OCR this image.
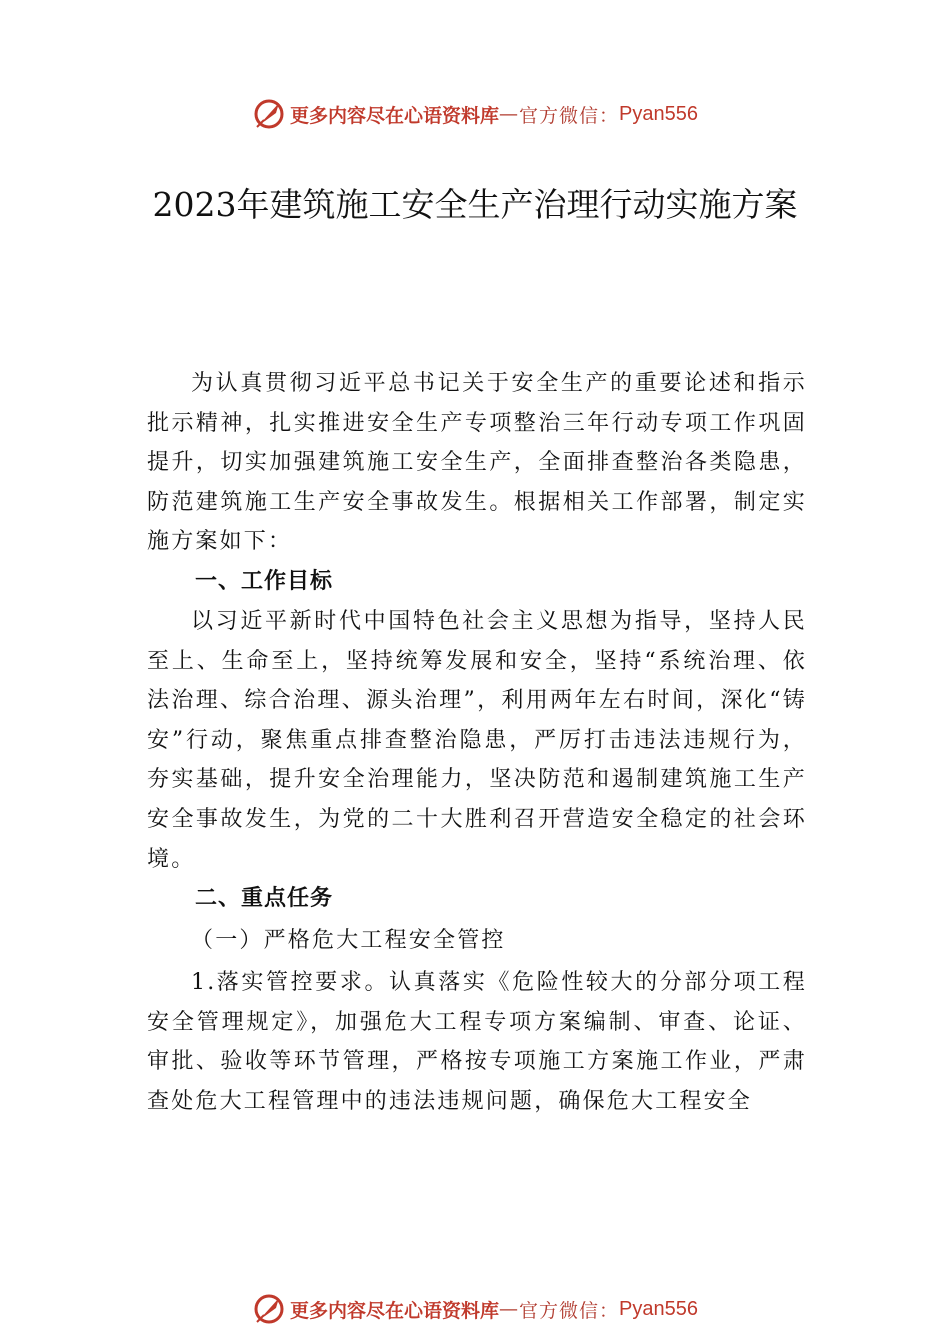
更多内容尽在心语资料库 — 官方微信： Pyan556
2023年建筑施工安全生产治理行动实施方案

为认真贯彻习近平总书记关于安全生产的重要论述和指示批示精神，扎实推进安全生产专项整治三年行动专项工作巩固提升，切实加强建筑施工安全生产，全面排查整治各类隐患，防范建筑施工生产安全事故发生。根据相关工作部署，制定实施方案如下：

一、工作目标

以习近平新时代中国特色社会主义思想为指导，坚持人民至上、生命至上，坚持统筹发展和安全，坚持“系统治理、依法治理、综合治理、源头治理”，利用两年左右时间，深化“铸安”行动，聚焦重点排查整治隐患，严厉打击违法违规行为，夯实基础，提升安全治理能力，坚决防范和遏制建筑施工生产安全事故发生，为党的二十大胜利召开营造安全稳定的社会环境。

二、重点任务
（一）严格危大工程安全管控

1.落实管控要求。认真落实《危险性较大的分部分项工程安全管理规定》，加强危大工程专项方案编制、审查、论证、审批、验收等环节管理，严格按专项施工方案施工作业，严肃查处危大工程管理中的违法违规问题，确保危大工程安全

更多内容尽在心语资料库 — 官方微信： Pyan556
